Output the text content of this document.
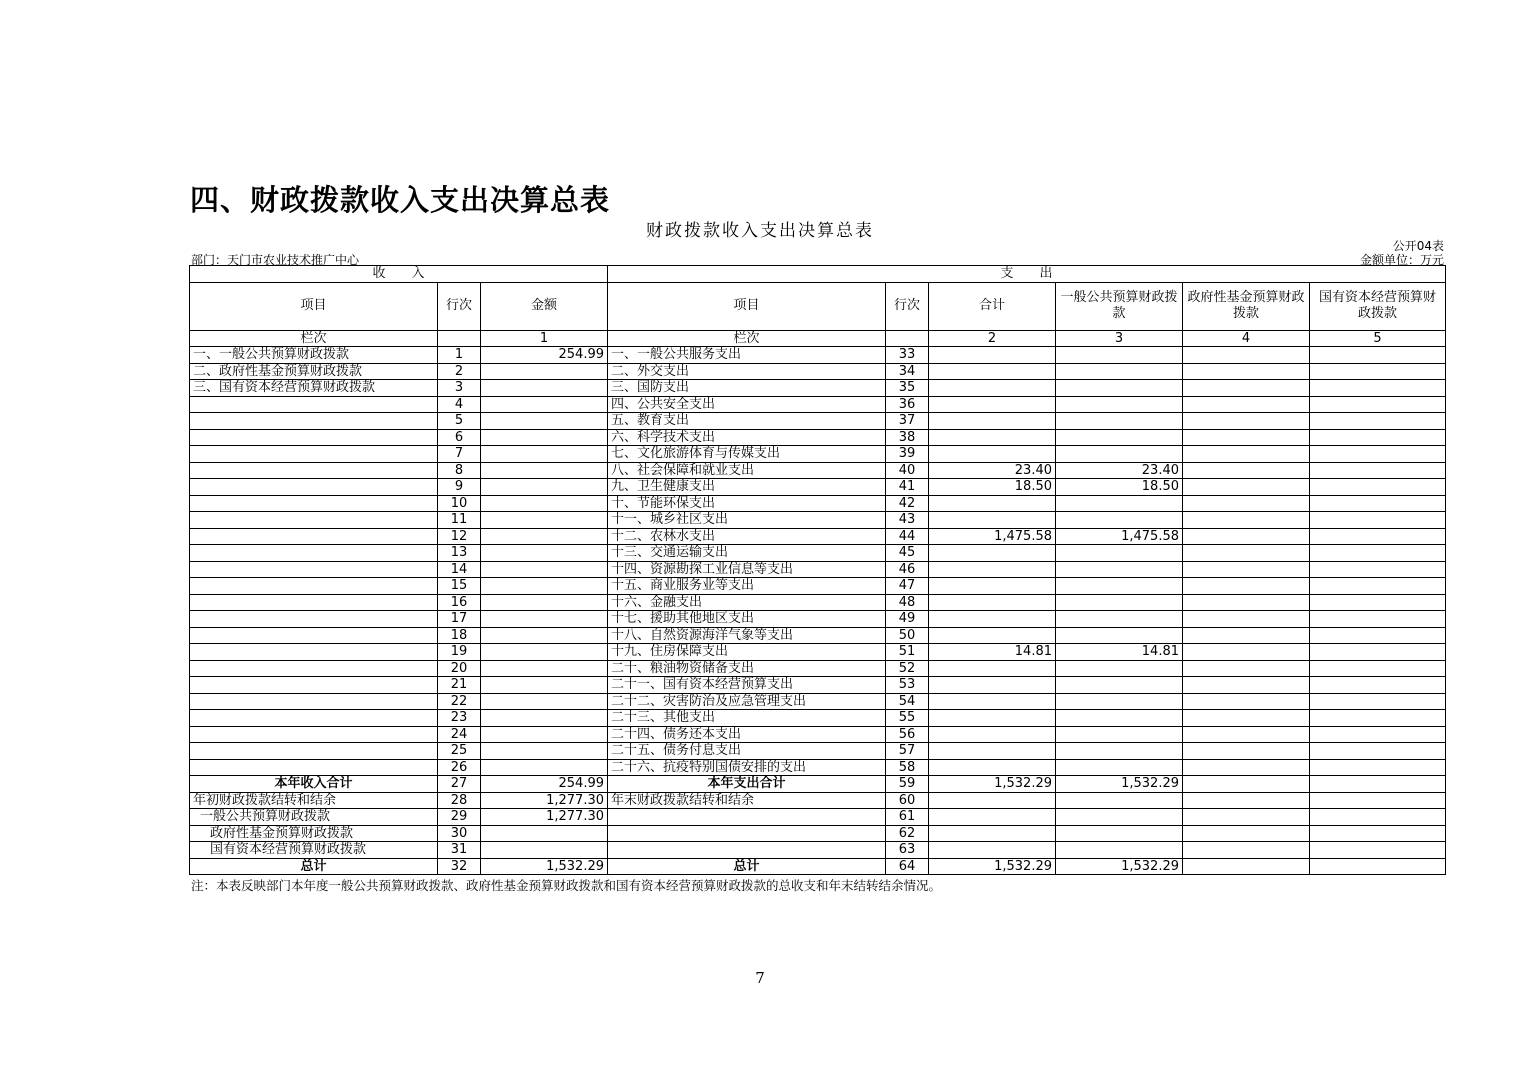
四、财政拨款收入支出决算总表
财政拨款收入支出决算总表
公开04表
部门：天门市农业技术推广中心	金额单位：万元
收　　入			支　　出					
项目	行次	金额	项目	行次	合计	一般公共预算财政拨款	政府性基金预算财政拨款	国有资本经营预算财政拨款
栏次		1	栏次		2	3	4	5
一、一般公共预算财政拨款	1	254.99	一、一般公共服务支出	33				
二、政府性基金预算财政拨款	2		二、外交支出	34				
三、国有资本经营预算财政拨款	3		三、国防支出	35				
	4		四、公共安全支出	36				
	5		五、教育支出	37				
	6		六、科学技术支出	38				
	7		七、文化旅游体育与传媒支出	39				
	8		八、社会保障和就业支出	40	23.40	23.40		
	9		九、卫生健康支出	41	18.50	18.50		
	10		十、节能环保支出	42				
	11		十一、城乡社区支出	43				
	12		十二、农林水支出	44	1,475.58	1,475.58		
	13		十三、交通运输支出	45				
	14		十四、资源勘探工业信息等支出	46				
	15		十五、商业服务业等支出	47				
	16		十六、金融支出	48				
	17		十七、援助其他地区支出	49				
	18		十八、自然资源海洋气象等支出	50				
	19		十九、住房保障支出	51	14.81	14.81		
	20		二十、粮油物资储备支出	52				
	21		二十一、国有资本经营预算支出	53				
	22		二十二、灾害防治及应急管理支出	54				
	23		二十三、其他支出	55				
	24		二十四、债务还本支出	56				
	25		二十五、债务付息支出	57				
	26		二十六、抗疫特别国债安排的支出	58				
本年收入合计	27	254.99	本年支出合计	59	1,532.29	1,532.29		
年初财政拨款结转和结余	28	1,277.30	年末财政拨款结转和结余	60				
一般公共预算财政拨款	29	1,277.30		61				
政府性基金预算财政拨款	30			62				
国有资本经营预算财政拨款	31			63				
总计	32	1,532.29	总计	64	1,532.29	1,532.29		
注：本表反映部门本年度一般公共预算财政拨款、政府性基金预算财政拨款和国有资本经营预算财政拨款的总收支和年末结转结余情况。
7
